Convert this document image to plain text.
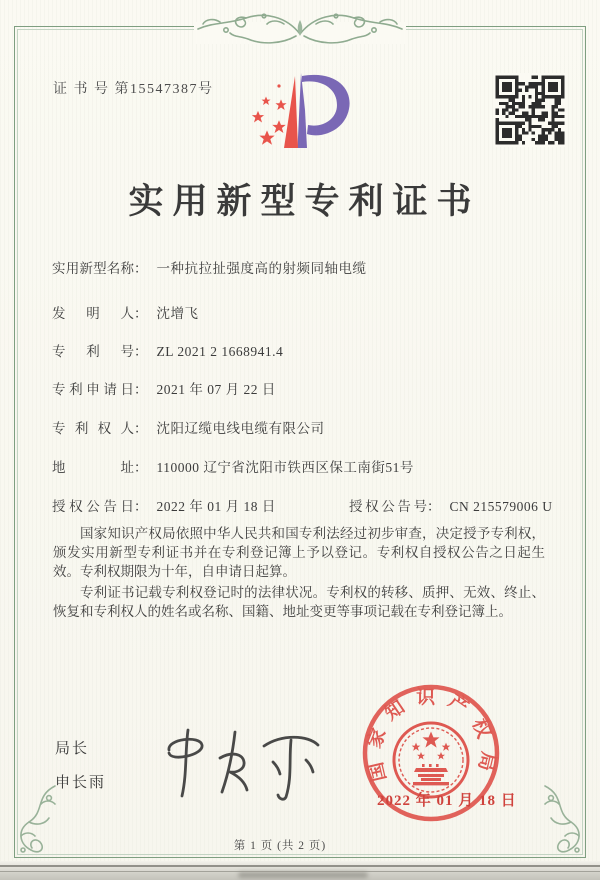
证 书 号 第15547387号
实用新型专利证书
实用新型名称： 一种抗拉扯强度高的射频同轴电缆
发明人： 沈增飞
专利号： ZL 2021 2 1668941.4
专利申请日： 2021 年 07 月 22 日
专利权人： 沈阳辽缆电线电缆有限公司
地址： 110000 辽宁省沈阳市铁西区保工南街51号
授权公告日： 2022 年 01 月 18 日	授权公告号： CN 215579006 U

国家知识产权局依照中华人民共和国专利法经过初步审查，决定授予专利权，颁发实用新型专利证书并在专利登记簿上予以登记。专利权自授权公告之日起生效。专利权期限为十年，自申请日起算。

专利证书记载专利权登记时的法律状况。专利权的转移、质押、无效、终止、恢复和专利权人的姓名或名称、国籍、地址变更等事项记载在专利登记簿上。

局长
申长雨	国家知识产权局
2022 年 01 月 18 日
第 1 页 (共 2 页)
